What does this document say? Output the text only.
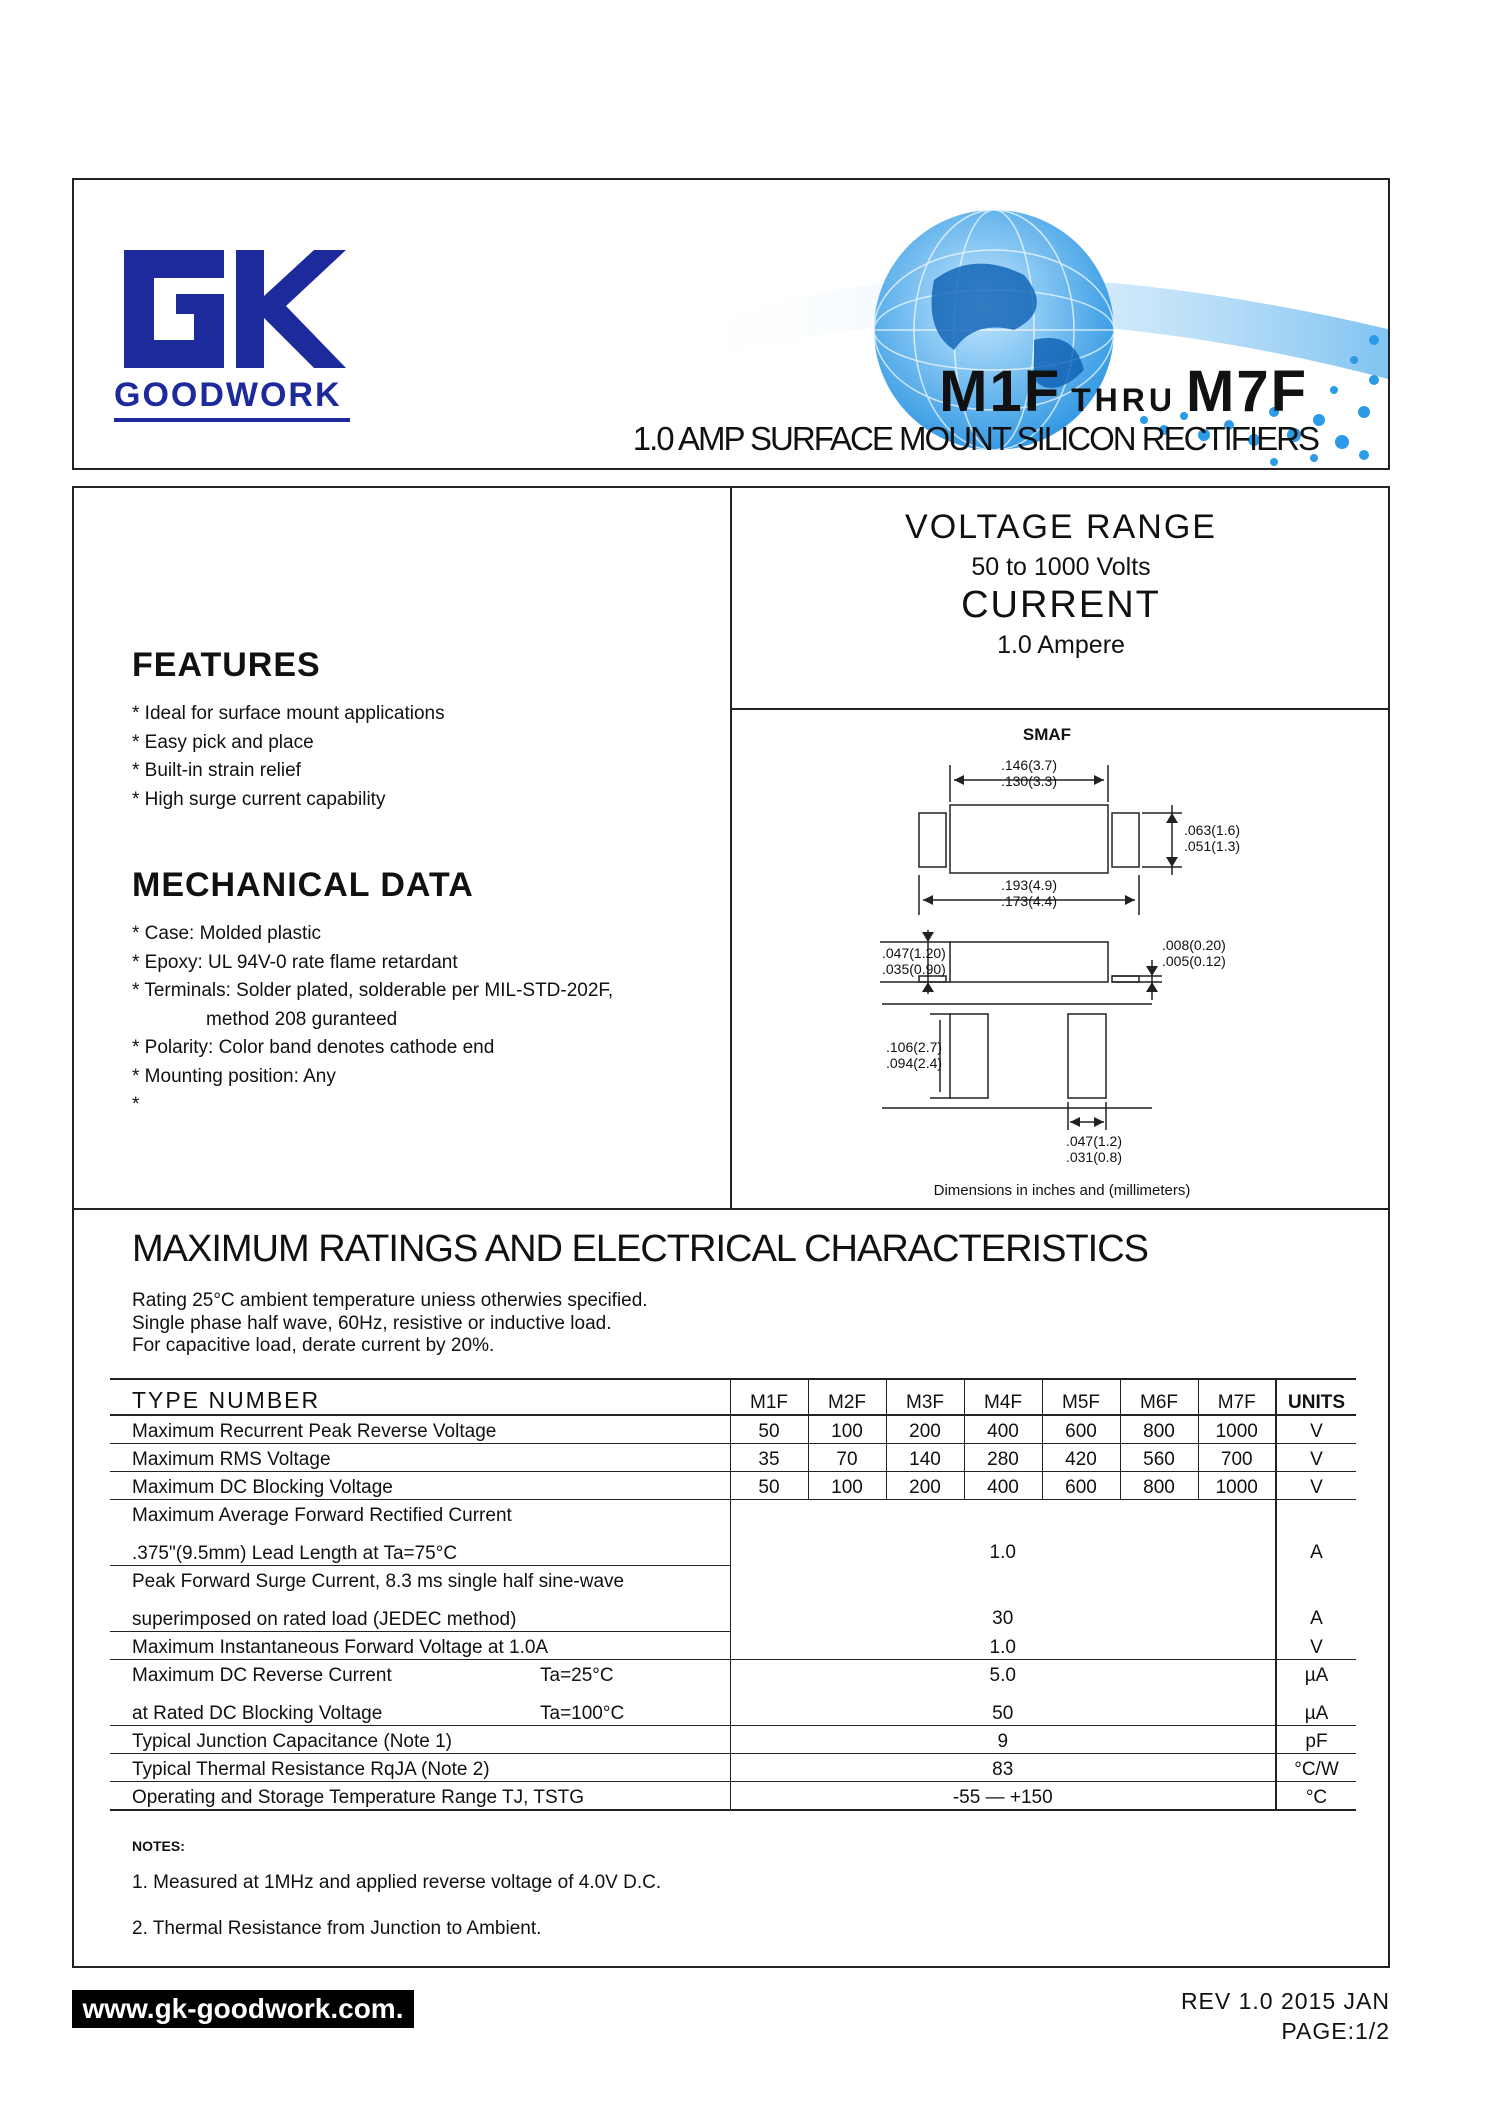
GOODWORK	M1F THRU M7F
1.0 AMP SURFACE MOUNT SILICON RECTIFIERS
VOLTAGE RANGE
50 to 1000 Volts
CURRENT
1.0 Ampere
FEATURES
* Ideal for surface mount applications
* Easy pick and place
* Built-in strain relief
* High surge current capability
MECHANICAL DATA
* Case: Molded plastic
* Epoxy: UL 94V-0 rate flame retardant
* Terminals: Solder plated, solderable per MIL-STD-202F,
method 208 guranteed
* Polarity: Color band denotes cathode end
* Mounting position: Any
*
SMAF
.146(3.7)
.130(3.3)
.063(1.6)
.051(1.3)
.193(4.9)
.173(4.4)
.047(1.20)
.035(0.90)
.008(0.20)
.005(0.12)
.106(2.7)
.094(2.4)
.047(1.2)
.031(0.8)
Dimensions in inches and (millimeters)
MAXIMUM RATINGS AND ELECTRICAL CHARACTERISTICS
Rating 25°C ambient temperature uniess otherwies specified.
Single phase half wave, 60Hz, resistive or inductive load.
For capacitive load, derate current by 20%.
TYPE NUMBER	M1F	M2F	M3F	M4F	M5F	M6F	M7F	UNITS
Maximum Recurrent Peak Reverse Voltage	50	100	200	400	600	800	1000	V
Maximum RMS Voltage	35	70	140	280	420	560	700	V
Maximum DC Blocking Voltage	50	100	200	400	600	800	1000	V
Maximum Average Forward Rectified Current	1.0							A
.375"(9.5mm) Lead Length at Ta=75°C								
Peak Forward Surge Current, 8.3 ms single half sine-wave	30							A
superimposed on rated load (JEDEC method)								
Maximum Instantaneous Forward Voltage at 1.0A	1.0							V
Maximum DC Reverse Current Ta=25°C	5.0							µA
at Rated DC Blocking Voltage Ta=100°C	50							µA
Typical Junction Capacitance (Note 1)	9							pF
Typical Thermal Resistance RqJA (Note 2)	83							°C/W
Operating and Storage Temperature Range TJ, TSTG	-55 — +150							°C
NOTES:
1. Measured at 1MHz and applied reverse voltage of 4.0V D.C.
2. Thermal Resistance from Junction to Ambient.
www.gk-goodwork.com.	REV 1.0 2015 JAN
PAGE:1/2
